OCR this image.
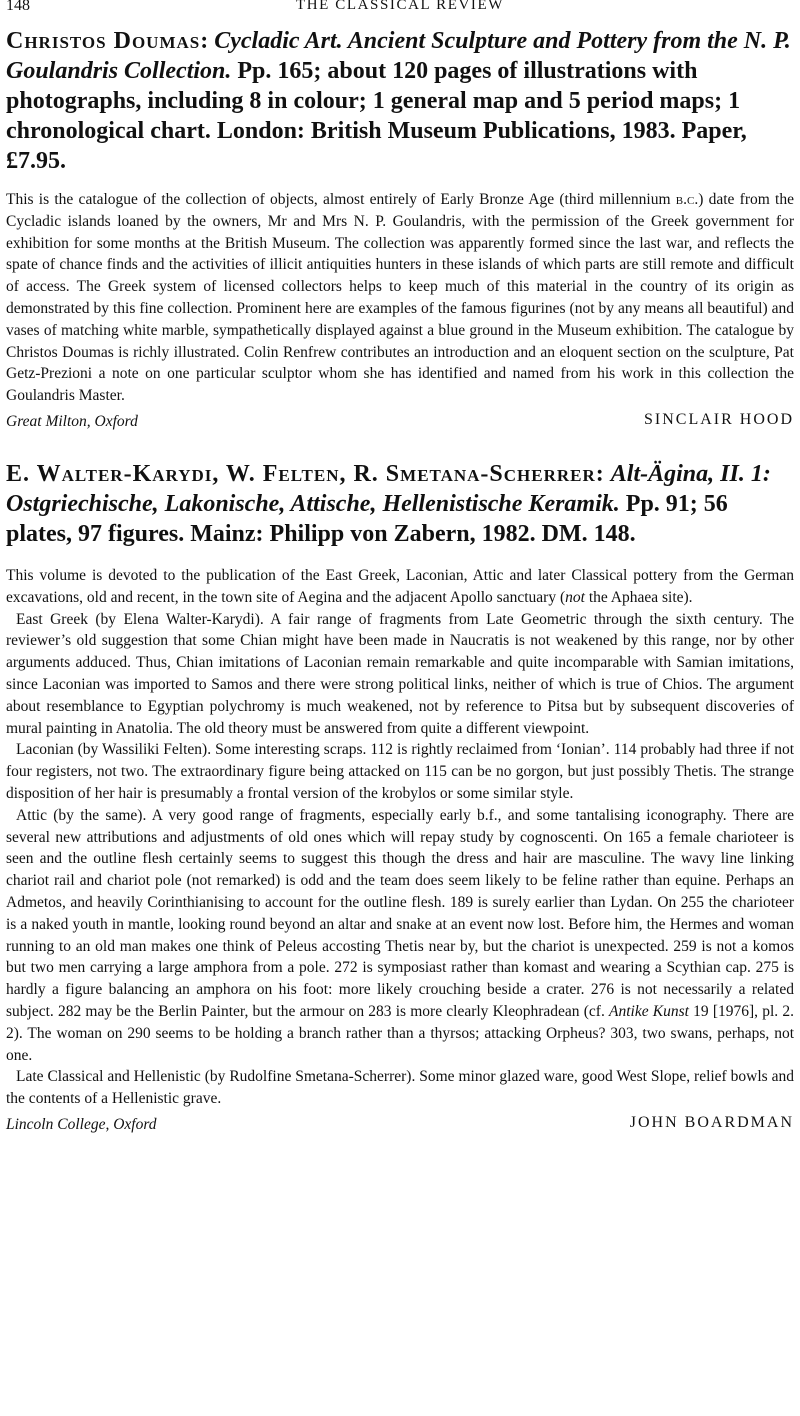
148	THE CLASSICAL REVIEW
Christos Doumas: Cycladic Art. Ancient Sculpture and Pottery from the N. P. Goulandris Collection. Pp. 165; about 120 pages of illustrations with photographs, including 8 in colour; 1 general map and 5 period maps; 1 chronological chart. London: British Museum Publications, 1983. Paper, £7.95.

This is the catalogue of the collection of objects, almost entirely of Early Bronze Age (third millennium b.c.) date from the Cycladic islands loaned by the owners, Mr and Mrs N. P. Goulandris, with the permission of the Greek government for exhibition for some months at the British Museum. The collection was apparently formed since the last war, and reflects the spate of chance finds and the activities of illicit antiquities hunters in these islands of which parts are still remote and difficult of access. The Greek system of licensed collectors helps to keep much of this material in the country of its origin as demonstrated by this fine collection. Prominent here are examples of the famous figurines (not by any means all beautiful) and vases of matching white marble, sympathetically displayed against a blue ground in the Museum exhibition. The catalogue by Christos Doumas is richly illustrated. Colin Renfrew contributes an introduction and an eloquent section on the sculpture, Pat Getz-Prezioni a note on one particular sculptor whom she has identified and named from his work in this collection the Goulandris Master.

Great Milton, Oxford	SINCLAIR HOOD
E. Walter-Karydi, W. Felten, R. Smetana-Scherrer: Alt-Ägina, II. 1: Ostgriechische, Lakonische, Attische, Hellenistische Keramik. Pp. 91; 56 plates, 97 figures. Mainz: Philipp von Zabern, 1982. DM. 148.

This volume is devoted to the publication of the East Greek, Laconian, Attic and later Classical pottery from the German excavations, old and recent, in the town site of Aegina and the adjacent Apollo sanctuary (not the Aphaea site).

East Greek (by Elena Walter-Karydi). A fair range of fragments from Late Geometric through the sixth century. The reviewer’s old suggestion that some Chian might have been made in Naucratis is not weakened by this range, nor by other arguments adduced. Thus, Chian imitations of Laconian remain remarkable and quite incomparable with Samian imitations, since Laconian was imported to Samos and there were strong political links, neither of which is true of Chios. The argument about resemblance to Egyptian polychromy is much weakened, not by reference to Pitsa but by subsequent discoveries of mural painting in Anatolia. The old theory must be answered from quite a different viewpoint.

Laconian (by Wassiliki Felten). Some interesting scraps. 112 is rightly reclaimed from ‘Ionian’. 114 probably had three if not four registers, not two. The extraordinary figure being attacked on 115 can be no gorgon, but just possibly Thetis. The strange disposition of her hair is presumably a frontal version of the krobylos or some similar style.

Attic (by the same). A very good range of fragments, especially early b.f., and some tantalising iconography. There are several new attributions and adjustments of old ones which will repay study by cognoscenti. On 165 a female charioteer is seen and the outline flesh certainly seems to suggest this though the dress and hair are masculine. The wavy line linking chariot rail and chariot pole (not remarked) is odd and the team does seem likely to be feline rather than equine. Perhaps an Admetos, and heavily Corinthianising to account for the outline flesh. 189 is surely earlier than Lydan. On 255 the charioteer is a naked youth in mantle, looking round beyond an altar and snake at an event now lost. Before him, the Hermes and woman running to an old man makes one think of Peleus accosting Thetis near by, but the chariot is unexpected. 259 is not a komos but two men carrying a large amphora from a pole. 272 is symposiast rather than komast and wearing a Scythian cap. 275 is hardly a figure balancing an amphora on his foot: more likely crouching beside a crater. 276 is not necessarily a related subject. 282 may be the Berlin Painter, but the armour on 283 is more clearly Kleophradean (cf. Antike Kunst 19 [1976], pl. 2. 2). The woman on 290 seems to be holding a branch rather than a thyrsos; attacking Orpheus? 303, two swans, perhaps, not one.

Late Classical and Hellenistic (by Rudolfine Smetana-Scherrer). Some minor glazed ware, good West Slope, relief bowls and the contents of a Hellenistic grave.

Lincoln College, Oxford	JOHN BOARDMAN
